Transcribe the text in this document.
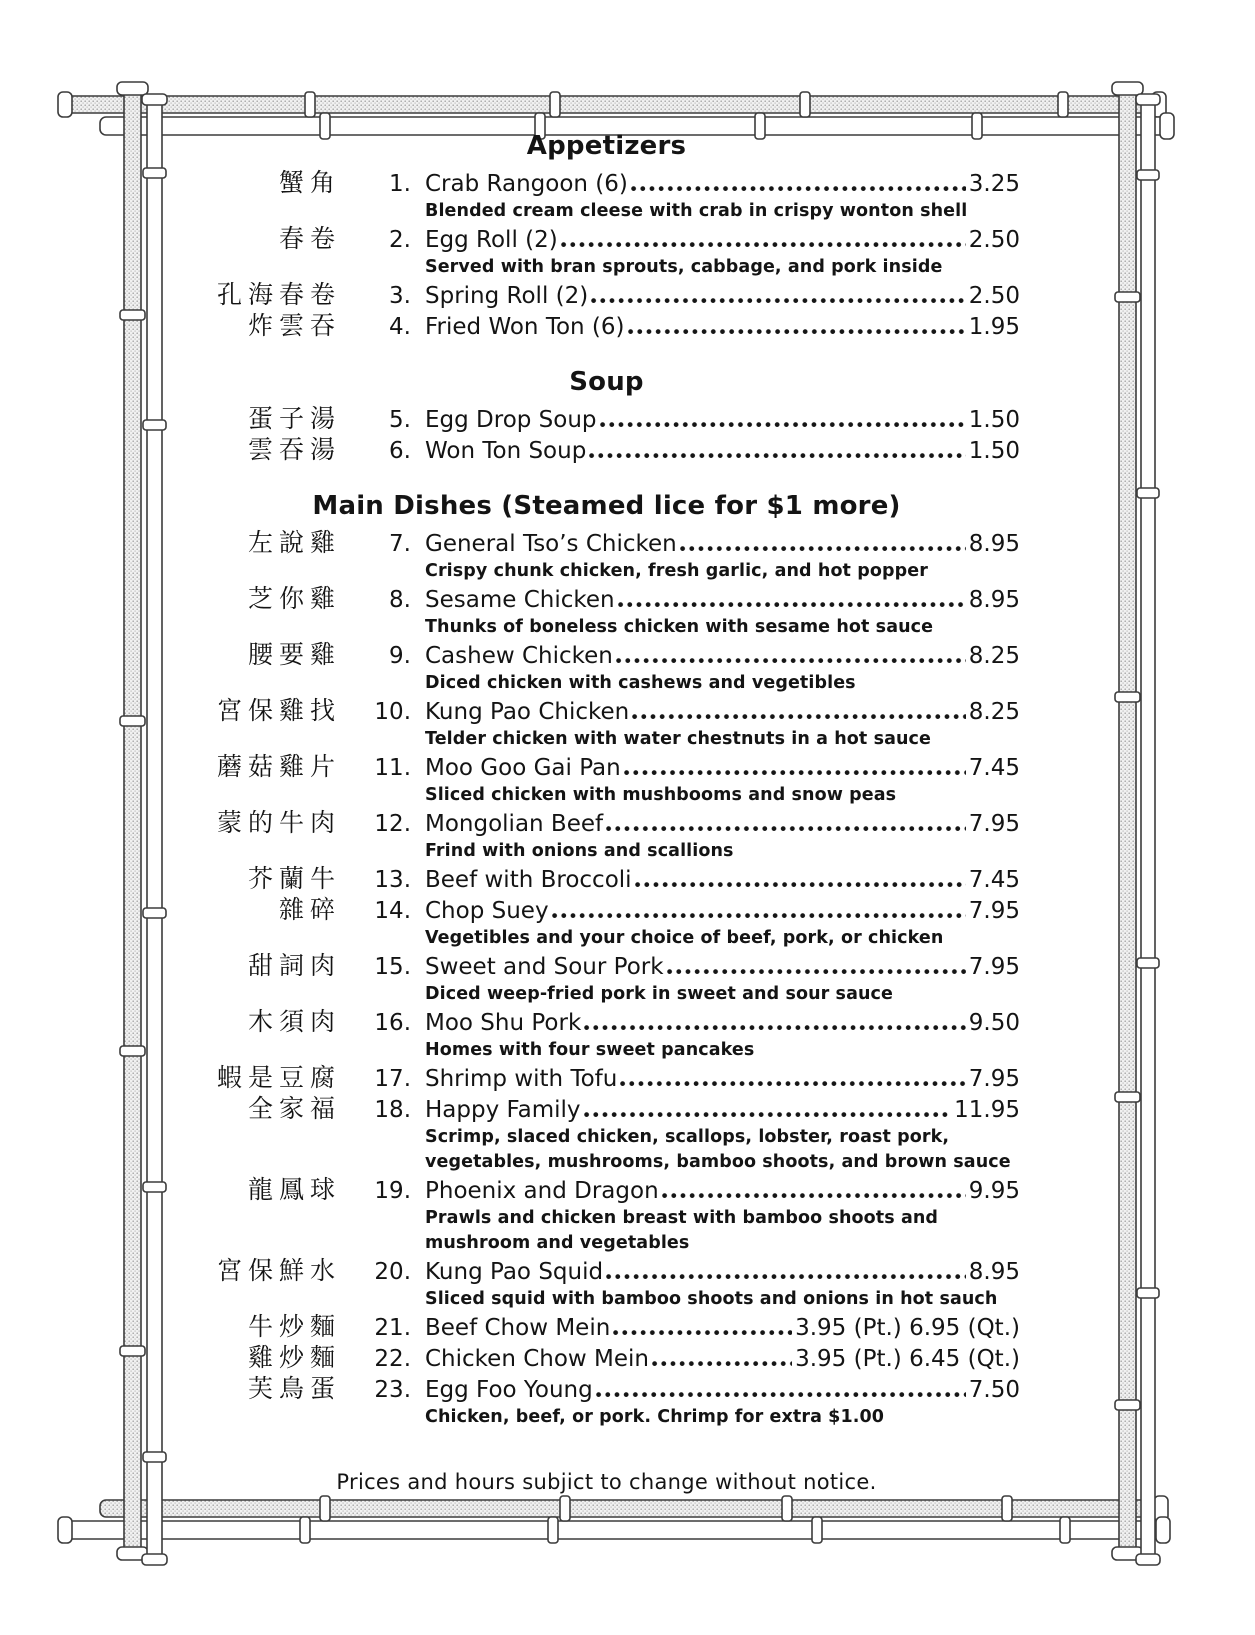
Appetizers
蟹角	1. Crab Rangoon (6)	3.25
Blended cream cleese with crab in crispy wonton shell
春卷	2. Egg Roll (2)	2.50
Served with bran sprouts, cabbage, and pork inside
孔海春卷	3. Spring Roll (2)	2.50
炸雲吞	4. Fried Won Ton (6)	1.95
Soup
蛋子湯	5. Egg Drop Soup	1.50
雲吞湯	6. Won Ton Soup	1.50
Main Dishes (Steamed lice for $1 more)
左說雞	7. General Tso’s Chicken	8.95
Crispy chunk chicken, fresh garlic, and hot popper
芝你雞	8. Sesame Chicken	8.95
Thunks of boneless chicken with sesame hot sauce
腰要雞	9. Cashew Chicken	8.25
Diced chicken with cashews and vegetibles
宮保雞找	10. Kung Pao Chicken	8.25
Telder chicken with water chestnuts in a hot sauce
蘑菇雞片	11. Moo Goo Gai Pan	7.45
Sliced chicken with mushbooms and snow peas
蒙的牛肉	12. Mongolian Beef	7.95
Frind with onions and scallions
芥蘭牛	13. Beef with Broccoli	7.45
雜碎	14. Chop Suey	7.95
Vegetibles and your choice of beef, pork, or chicken
甜詞肉	15. Sweet and Sour Pork	7.95
Diced weep-fried pork in sweet and sour sauce
木須肉	16. Moo Shu Pork	9.50
Homes with four sweet pancakes
蝦是豆腐	17. Shrimp with Tofu	7.95
全家福	18. Happy Family	11.95
Scrimp, slaced chicken, scallops, lobster, roast pork,
vegetables, mushrooms, bamboo shoots, and brown sauce
龍鳳球	19. Phoenix and Dragon	9.95
Prawls and chicken breast with bamboo shoots and
mushroom and vegetables
宮保鮮水	20. Kung Pao Squid	8.95
Sliced squid with bamboo shoots and onions in hot sauch
牛炒麵	21. Beef Chow Mein	3.95 (Pt.) 6.95 (Qt.)
雞炒麵	22. Chicken Chow Mein	3.95 (Pt.) 6.45 (Qt.)
芙鳥蛋	23. Egg Foo Young	7.50
Chicken, beef, or pork. Chrimp for extra $1.00
Prices and hours subjict to change without notice.
